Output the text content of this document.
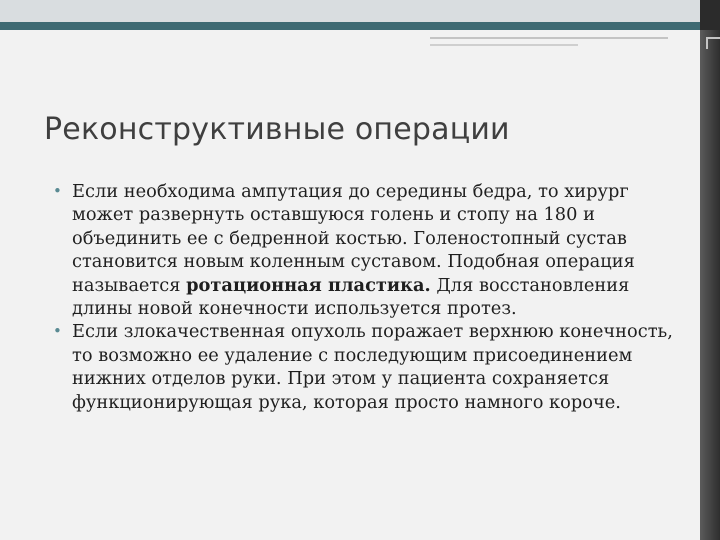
Реконструктивные операции
• Если необходима ампутация до середины бедра, то хирург может развернуть оставшуюся голень и стопу на 180 и объединить ее с бедренной костью. Голеностопный сустав становится новым коленным суставом. Подобная операция называется ротационная пластика. Для восстановления длины новой конечности используется протез.
• Если злокачественная опухоль поражает верхнюю конечность, то возможно ее удаление с последующим присоединением нижних отделов руки. При этом у пациента сохраняется функционирующая рука, которая просто намного короче.
